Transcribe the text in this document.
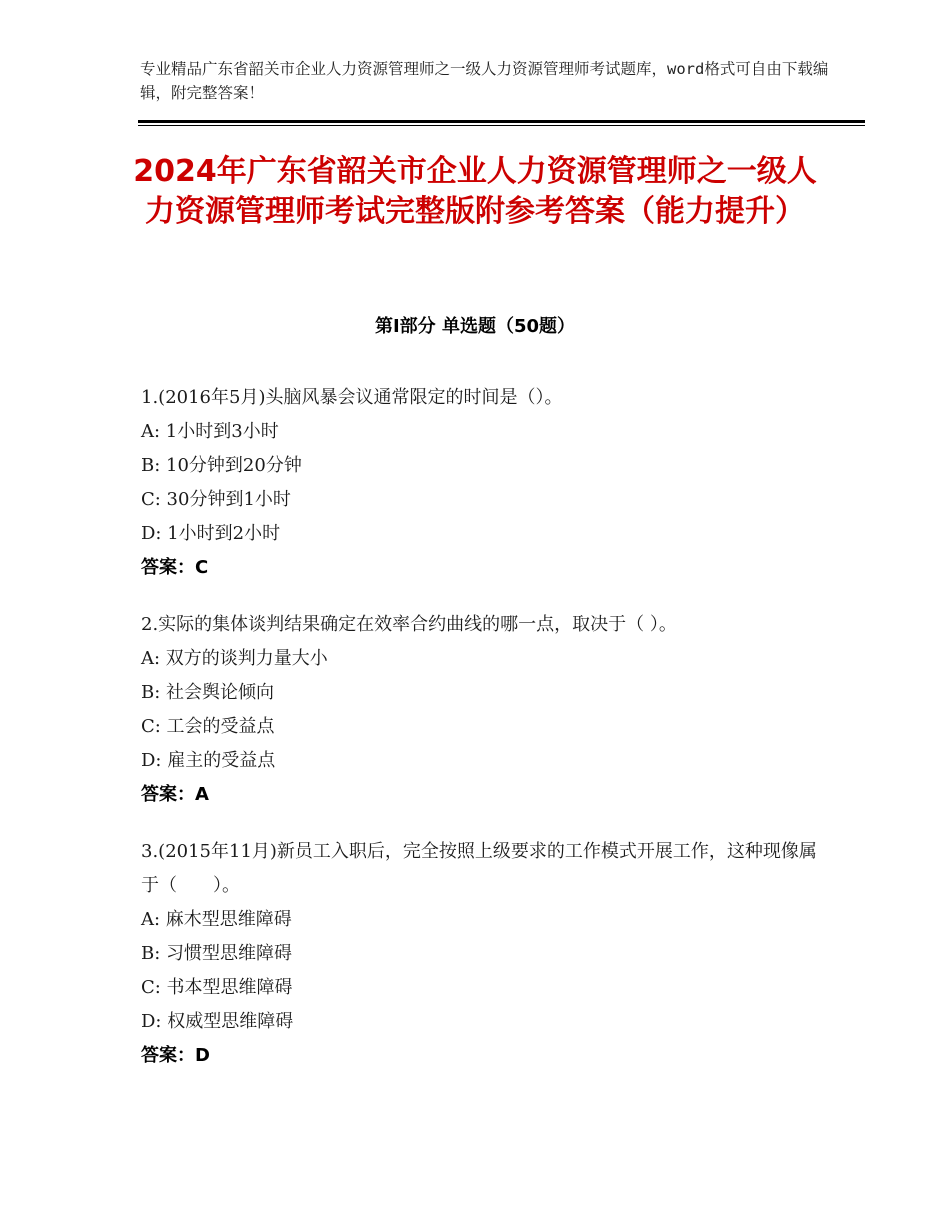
专业精品广东省韶关市企业人力资源管理师之一级人力资源管理师考试题库，word格式可自由下载编辑，附完整答案！
2024年广东省韶关市企业人力资源管理师之一级人力资源管理师考试完整版附参考答案（能力提升）
第Ⅰ部分 单选题（50题）
1.(2016年5月)头脑风暴会议通常限定的时间是（）。
A: 1小时到3小时
B: 10分钟到20分钟
C: 30分钟到1小时
D: 1小时到2小时
答案：C
2.实际的集体谈判结果确定在效率合约曲线的哪一点，取决于（ ）。
A: 双方的谈判力量大小
B: 社会舆论倾向
C: 工会的受益点
D: 雇主的受益点
答案：A
3.(2015年11月)新员工入职后，完全按照上级要求的工作模式开展工作，这种现像属于（　　）。
A: 麻木型思维障碍
B: 习惯型思维障碍
C: 书本型思维障碍
D: 权威型思维障碍
答案：D
